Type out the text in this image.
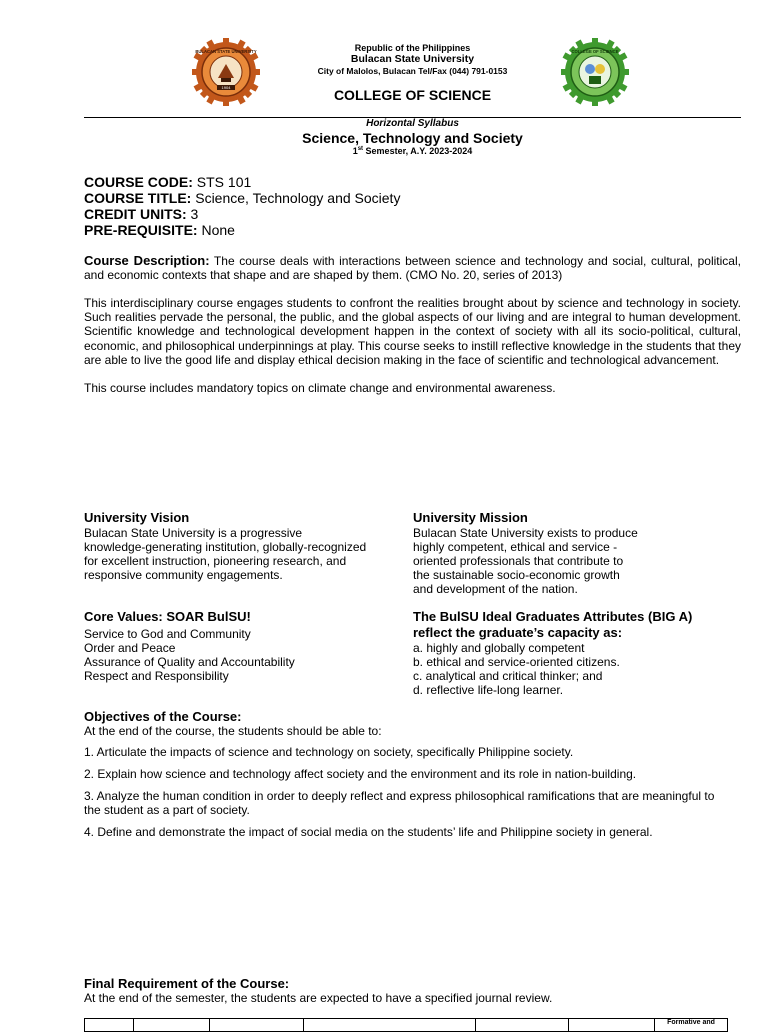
1904
BULACAN STATE UNIVERSITY	COLLEGE OF SCIENCE
Republic of the Philippines
Bulacan State University
City of Malolos, Bulacan Tel/Fax (044) 791-0153
COLLEGE OF SCIENCE
Horizontal Syllabus
Science, Technology and Society
1st Semester, A.Y. 2023-2024
COURSE CODE: STS 101
COURSE TITLE: Science, Technology and Society
CREDIT UNITS: 3
PRE-REQUISITE: None
Course Description: The course deals with interactions between science and technology and social, cultural, political, and economic contexts that shape and are shaped by them. (CMO No. 20, series of 2013)
This interdisciplinary course engages students to confront the realities brought about by science and technology in society. Such realities pervade the personal, the public, and the global aspects of our living and are integral to human development. Scientific knowledge and technological development happen in the context of society with all its socio-political, cultural, economic, and philosophical underpinnings at play. This course seeks to instill reflective knowledge in the students that they are able to live the good life and display ethical decision making in the face of scientific and technological advancement.
This course includes mandatory topics on climate change and environmental awareness.
University Vision
Bulacan State University is a progressive
knowledge-generating institution, globally-recognized
for excellent instruction, pioneering research, and
responsive community engagements.
University Mission
Bulacan State University exists to produce
highly competent, ethical and service -
oriented professionals that contribute to
the sustainable socio-economic growth
and development of the nation.
Core Values: SOAR BulSU!
Service to God and Community
Order and Peace
Assurance of Quality and Accountability
Respect and Responsibility
The BulSU Ideal Graduates Attributes (BIG A)
reflect the graduate’s capacity as:
a. highly and globally competent
b. ethical and service-oriented citizens.
c. analytical and critical thinker; and
d. reflective life-long learner.
Objectives of the Course:
At the end of the course, the students should be able to:
1. Articulate the impacts of science and technology on society, specifically Philippine society.
2. Explain how science and technology affect society and the environment and its role in nation-building.
3. Analyze the human condition in order to deeply reflect and express philosophical ramifications that are meaningful to the student as a part of society.
4. Define and demonstrate the impact of social media on the students’ life and Philippine society in general.
Final Requirement of the Course:
At the end of the semester, the students are expected to have a specified journal review.
						Formative and
